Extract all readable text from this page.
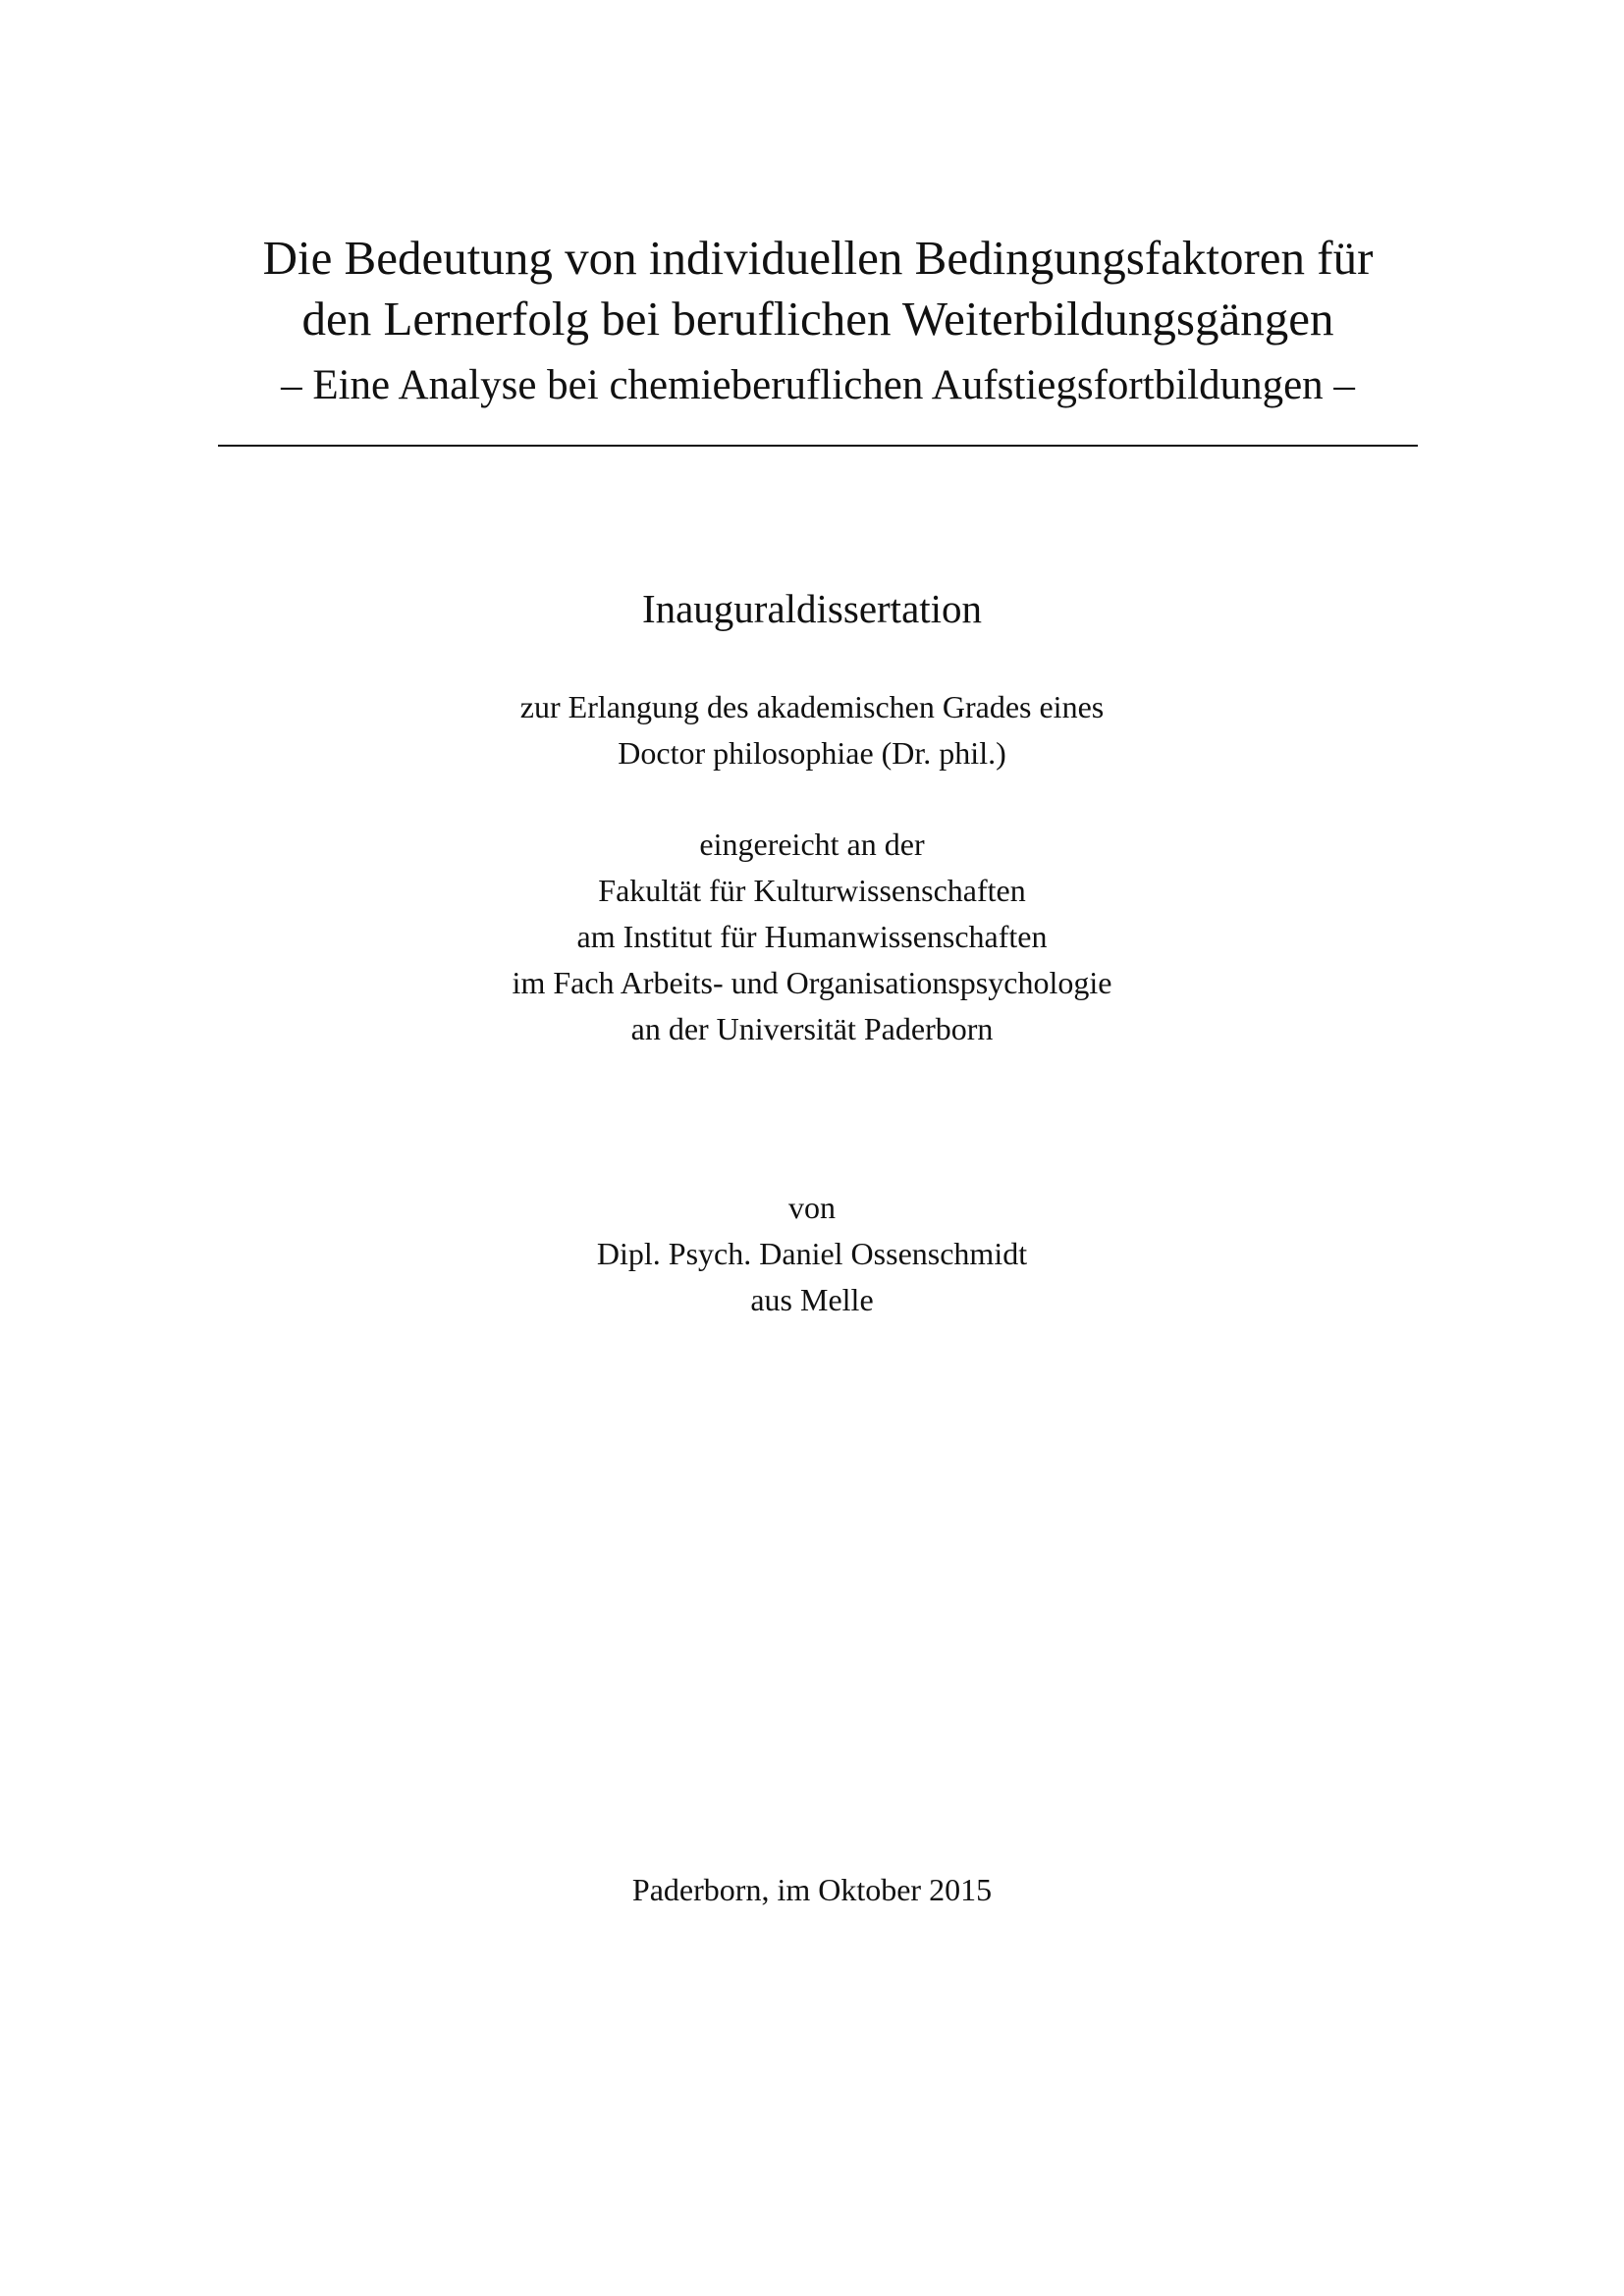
Die Bedeutung von individuellen Bedingungsfaktoren für
den Lernerfolg bei beruflichen Weiterbildungsgängen
– Eine Analyse bei chemieberuflichen Aufstiegsfortbildungen –
Inauguraldissertation
zur Erlangung des akademischen Grades eines
Doctor philosophiae (Dr. phil.)
eingereicht an der
Fakultät für Kulturwissenschaften
am Institut für Humanwissenschaften
im Fach Arbeits- und Organisationspsychologie
an der Universität Paderborn
von
Dipl. Psych. Daniel Ossenschmidt
aus Melle
Paderborn, im Oktober 2015
